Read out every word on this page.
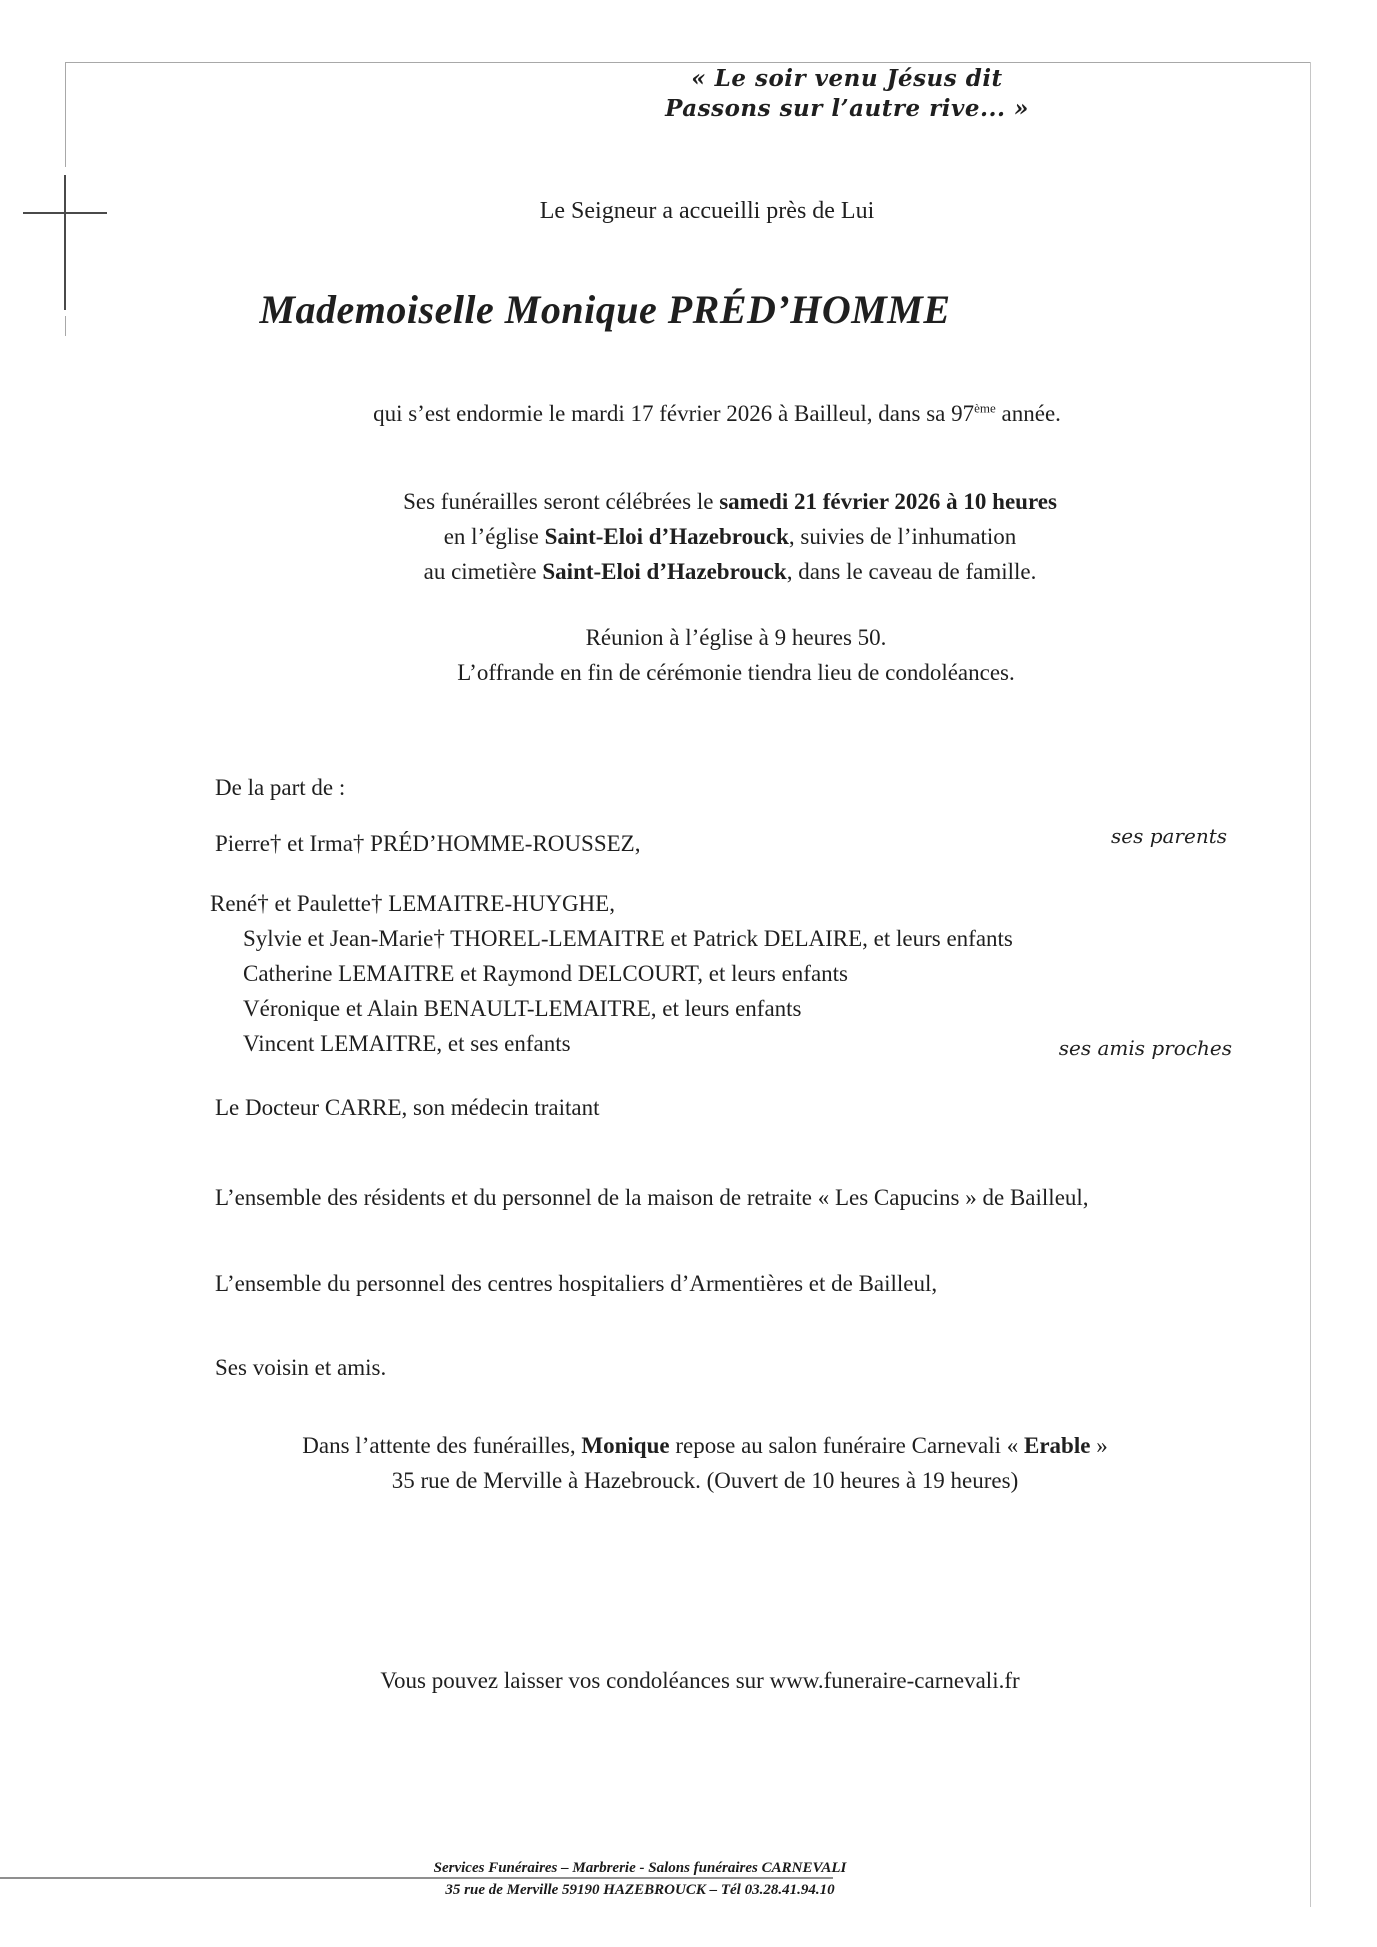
« Le soir venu Jésus dit
Passons sur l’autre rive... »
Le Seigneur a accueilli près de Lui
Mademoiselle Monique PRÉD’HOMME
qui s’est endormie le mardi 17 février 2026 à Bailleul, dans sa 97ème année.
Ses funérailles seront célébrées le samedi 21 février 2026 à 10 heures
en l’église Saint-Eloi d’Hazebrouck, suivies de l’inhumation
au cimetière Saint-Eloi d’Hazebrouck, dans le caveau de famille.
Réunion à l’église à 9 heures 50.
L’offrande en fin de cérémonie tiendra lieu de condoléances.
De la part de :
Pierre† et Irma† PRÉD’HOMME-ROUSSEZ,	ses parents
René† et Paulette† LEMAITRE-HUYGHE,
Sylvie et Jean-Marie† THOREL-LEMAITRE et Patrick DELAIRE, et leurs enfants
Catherine LEMAITRE et Raymond DELCOURT, et leurs enfants
Véronique et Alain BENAULT-LEMAITRE, et leurs enfants
Vincent LEMAITRE, et ses enfants	ses amis proches
Le Docteur CARRE, son médecin traitant
L’ensemble des résidents et du personnel de la maison de retraite « Les Capucins » de Bailleul,
L’ensemble du personnel des centres hospitaliers d’Armentières et de Bailleul,
Ses voisin et amis.
Dans l’attente des funérailles, Monique repose au salon funéraire Carnevali « Erable »
35 rue de Merville à Hazebrouck. (Ouvert de 10 heures à 19 heures)
Vous pouvez laisser vos condoléances sur www.funeraire-carnevali.fr
Services Funéraires – Marbrerie - Salons funéraires CARNEVALI
35 rue de Merville 59190 HAZEBROUCK – Tél 03.28.41.94.10
